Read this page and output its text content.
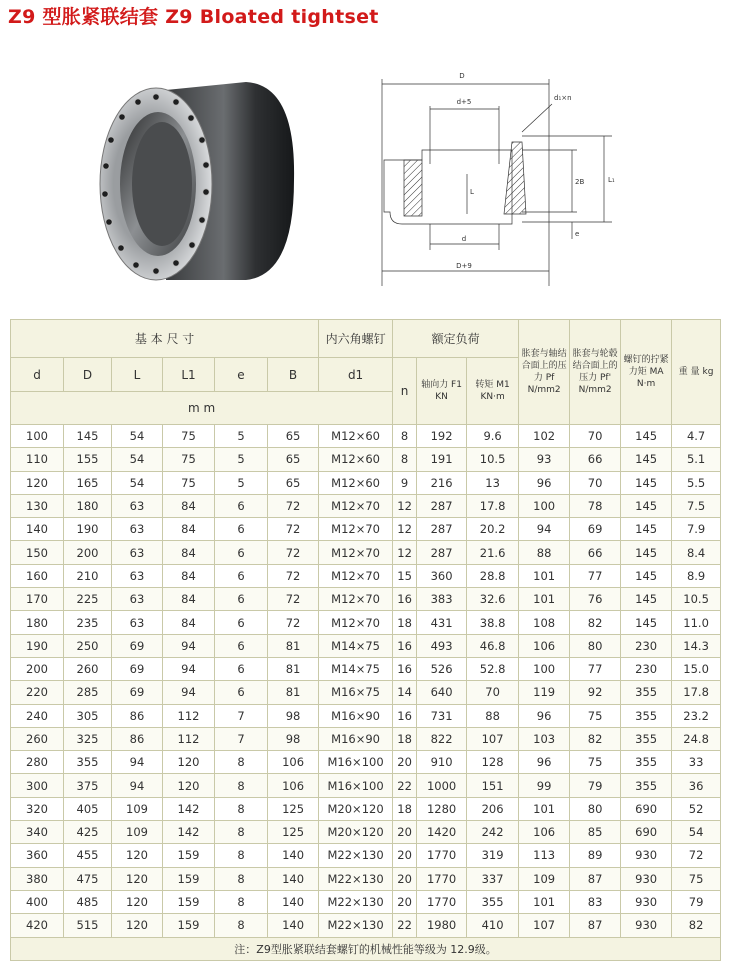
Z9 型胀紧联结套 Z9 Bloated tightset
D
d+5
d
D+9
L₁
2B
L
e
d₁×n
基 本 尺 寸						内六角螺钉	额定负荷			胀套与轴结合面上的压力 Pf N/mm2	胀套与轮毂结合面上的压力 Pf' N/mm2	螺钉的拧紧力矩 MA N·m	重 量 kg
d	D	L	L1	e	B	d1	n	轴向力 F1 KN	转矩 M1 KN·m				
m m													
100	145	54	75	5	65	M12×60	8	192	9.6	102	70	145	4.7
110	155	54	75	5	65	M12×60	8	191	10.5	93	66	145	5.1
120	165	54	75	5	65	M12×60	9	216	13	96	70	145	5.5
130	180	63	84	6	72	M12×70	12	287	17.8	100	78	145	7.5
140	190	63	84	6	72	M12×70	12	287	20.2	94	69	145	7.9
150	200	63	84	6	72	M12×70	12	287	21.6	88	66	145	8.4
160	210	63	84	6	72	M12×70	15	360	28.8	101	77	145	8.9
170	225	63	84	6	72	M12×70	16	383	32.6	101	76	145	10.5
180	235	63	84	6	72	M12×70	18	431	38.8	108	82	145	11.0
190	250	69	94	6	81	M14×75	16	493	46.8	106	80	230	14.3
200	260	69	94	6	81	M14×75	16	526	52.8	100	77	230	15.0
220	285	69	94	6	81	M16×75	14	640	70	119	92	355	17.8
240	305	86	112	7	98	M16×90	16	731	88	96	75	355	23.2
260	325	86	112	7	98	M16×90	18	822	107	103	82	355	24.8
280	355	94	120	8	106	M16×100	20	910	128	96	75	355	33
300	375	94	120	8	106	M16×100	22	1000	151	99	79	355	36
320	405	109	142	8	125	M20×120	18	1280	206	101	80	690	52
340	425	109	142	8	125	M20×120	20	1420	242	106	85	690	54
360	455	120	159	8	140	M22×130	20	1770	319	113	89	930	72
380	475	120	159	8	140	M22×130	20	1770	337	109	87	930	75
400	485	120	159	8	140	M22×130	20	1770	355	101	83	930	79
420	515	120	159	8	140	M22×130	22	1980	410	107	87	930	82
注：Z9型胀紧联结套螺钉的机械性能等级为 12.9级。													
